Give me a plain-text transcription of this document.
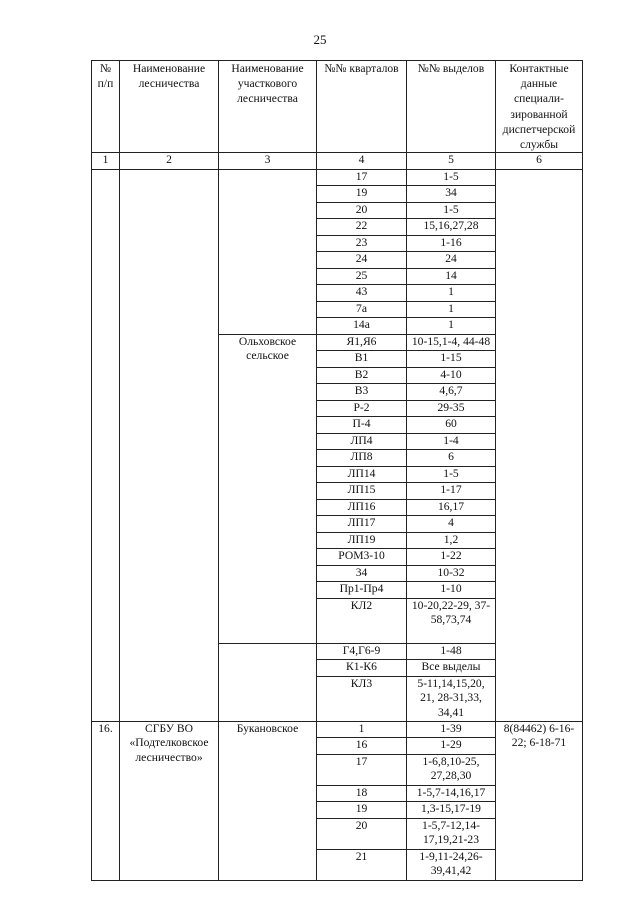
25
№ п/п	Наименование лесничества	Наименование участкового лесничества	№№ кварталов	№№ выделов	Контактные данные специали-зированной диспетчерской службы
1	2	3	4	5	6
			17	1-5	
			19	34	
			20	1-5	
			22	15,16,27,28	
			23	1-16	
			24	24	
			25	14	
			43	1	
			7а	1	
			14а	1	
		Ольховское сельское	Я1,Я6	10-15,1-4, 44-48	
			В1	1-15	
			В2	4-10	
			В3	4,6,7	
			Р-2	29-35	
			П-4	60	
			ЛП4	1-4	
			ЛП8	6	
			ЛП14	1-5	
			ЛП15	1-17	
			ЛП16	16,17	
			ЛП17	4	
			ЛП19	1,2	
			РОМ3-10	1-22	
			34	10-32	
			Пр1-Пр4	1-10	
			КЛ2	10-20,22-29, 37-58,73,74	
			Г4,Г6-9	1-48	
			К1-К6	Все выделы	
			КЛ3	5-11,14,15,20, 21, 28-31,33, 34,41	
16.	СГБУ ВО «Подтелковское лесничество»	Букановское	1	1-39	8(84462) 6-16-22; 6-18-71
			16	1-29	
			17	1-6,8,10-25, 27,28,30	
			18	1-5,7-14,16,17	
			19	1,3-15,17-19	
			20	1-5,7-12,14-17,19,21-23	
			21	1-9,11-24,26-39,41,42	
